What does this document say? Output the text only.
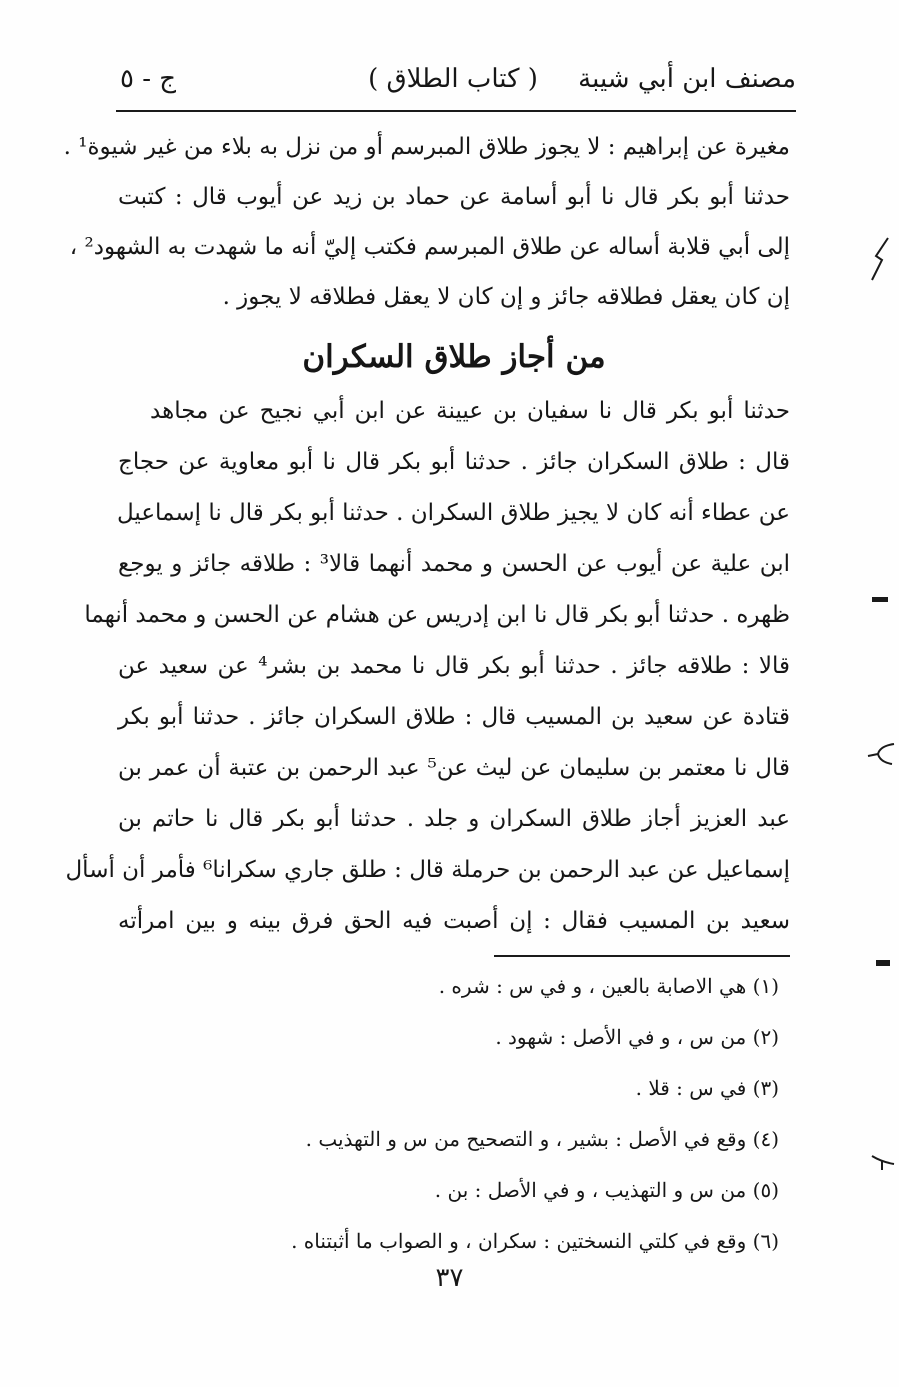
مصنف ابن أبي شيبة
( كتاب الطلاق )
ج - ٥
مغيرة عن إبراهيم : لا يجوز طلاق المبرسم أو من نزل به بلاء من غير شيوة¹ .
حدثنا أبو بكر قال نا أبو أسامة عن حماد بن زيد عن أيوب قال : كتبت
إلى أبي قلابة أساله عن طلاق المبرسم فكتب إليّ أنه ما شهدت به الشهود² ،
إن كان يعقل فطلاقه جائز و إن كان لا يعقل فطلاقه لا يجوز .
من أجاز طلاق السكران
حدثنا أبو بكر قال نا سفيان بن عيينة عن ابن أبي نجيح عن مجاهد
قال : طلاق السكران جائز . حدثنا أبو بكر قال نا أبو معاوية عن حجاج
عن عطاء أنه كان لا يجيز طلاق السكران . حدثنا أبو بكر قال نا إسماعيل
ابن علية عن أيوب عن الحسن و محمد أنهما قالا³ : طلاقه جائز و يوجع
ظهره . حدثنا أبو بكر قال نا ابن إدريس عن هشام عن الحسن و محمد أنهما
قالا : طلاقه جائز . حدثنا أبو بكر قال نا محمد بن بشر⁴ عن سعيد عن
قتادة عن سعيد بن المسيب قال : طلاق السكران جائز . حدثنا أبو بكر
قال نا معتمر بن سليمان عن ليث عن⁵ عبد الرحمن بن عتبة أن عمر بن
عبد العزيز أجاز طلاق السكران و جلد . حدثنا أبو بكر قال نا حاتم بن
إسماعيل عن عبد الرحمن بن حرملة قال : طلق جاري سكرانا⁶ فأمر أن أسأل
سعيد بن المسيب فقال : إن أصبت فيه الحق فرق بينه و بين امرأته
(١) هي الاصابة بالعين ، و في س : شره .
(٢) من س ، و في الأصل : شهود .
(٣) في س : قلا .
(٤) وقع في الأصل : بشير ، و التصحيح من س و التهذيب .
(٥) من س و التهذيب ، و في الأصل : بن .
(٦) وقع في كلتي النسختين : سكران ، و الصواب ما أثبتناه .
٣٧
